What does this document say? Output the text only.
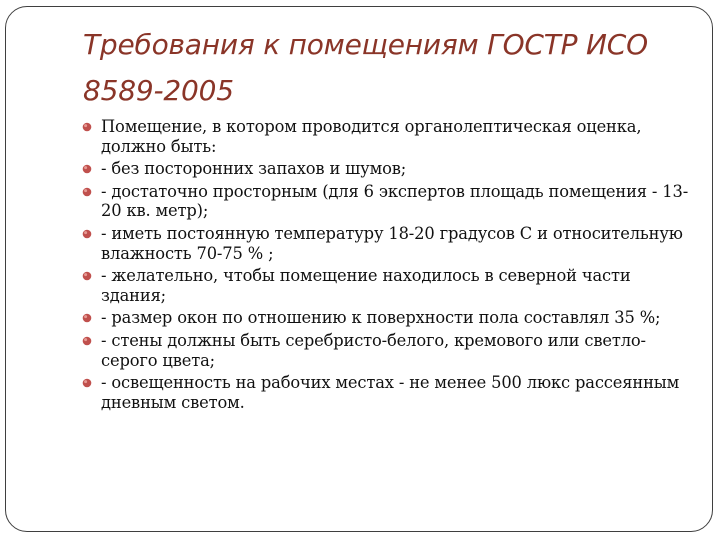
Требования к помещениям ГОСТР ИСО 8589-2005
Помещение, в котором проводится органолептическая оценка, должно быть:
- без посторонних запахов и шумов;
- достаточно просторным (для 6 экспертов площадь помещения - 13-20 кв. метр);
- иметь постоянную температуру 18-20 градусов С и относительную влажность 70-75 % ;
- желательно, чтобы помещение находилось в северной части здания;
- размер окон по отношению к поверхности пола составлял 35 %;
- стены должны быть серебристо-белого, кремового или светло-серого цвета;
- освещенность на рабочих местах - не менее 500 люкс рассеянным дневным светом.
